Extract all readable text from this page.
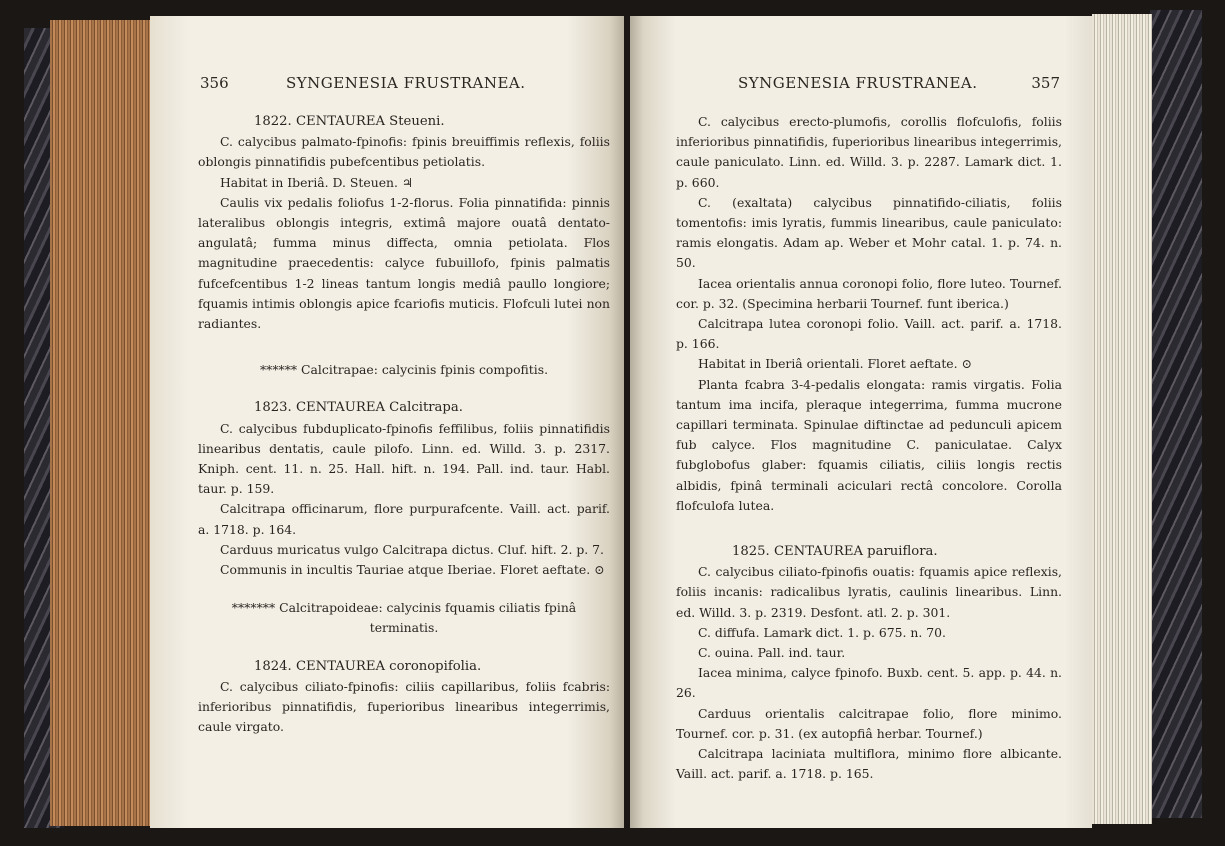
356	SYNGENESIA FRUSTRANEA.

1822. CENTAUREA Steueni.

C. calycibus palmato-fpinofis: fpinis breuiffimis reflexis, foliis oblongis pinnatifidis pubefcentibus petiolatis.

Habitat in Iberiâ. D. Steuen. ♃

Caulis vix pedalis foliofus 1-2-florus. Folia pinnatifida: pinnis lateralibus oblongis integris, extimâ majore ouatâ dentato-angulatâ; fumma minus diffecta, omnia petiolata. Flos magnitudine praecedentis: calyce fubuillofo, fpinis palmatis fufcefcentibus 1-2 lineas tantum longis mediâ paullo longiore; fquamis intimis oblongis apice fcariofis muticis. Flofculi lutei non radiantes.

****** Calcitrapae: calycinis fpinis compofitis.

1823. CENTAUREA Calcitrapa.

C. calycibus fubduplicato-fpinofis feffilibus, foliis pinnatifidis linearibus dentatis, caule pilofo. Linn. ed. Willd. 3. p. 2317. Kniph. cent. 11. n. 25. Hall. hift. n. 194. Pall. ind. taur. Habl. taur. p. 159.

Calcitrapa officinarum, flore purpurafcente. Vaill. act. parif. a. 1718. p. 164.

Carduus muricatus vulgo Calcitrapa dictus. Cluf. hift. 2. p. 7.

Communis in incultis Tauriae atque Iberiae. Floret aeftate. ⊙

******* Calcitrapoideae: calycinis fquamis ciliatis fpinâ terminatis.

1824. CENTAUREA coronopifolia.

C. calycibus ciliato-fpinofis: ciliis capillaribus, foliis fcabris: inferioribus pinnatifidis, fuperioribus linearibus integerrimis, caule virgato.

SYNGENESIA FRUSTRANEA.	357

C. calycibus erecto-plumofis, corollis flofculofis, foliis inferioribus pinnatifidis, fuperioribus linearibus integerrimis, caule paniculato. Linn. ed. Willd. 3. p. 2287. Lamark dict. 1. p. 660.

C. (exaltata) calycibus pinnatifido-ciliatis, foliis tomentofis: imis lyratis, fummis linearibus, caule paniculato: ramis elongatis. Adam ap. Weber et Mohr catal. 1. p. 74. n. 50.

Iacea orientalis annua coronopi folio, flore luteo. Tournef. cor. p. 32. (Specimina herbarii Tournef. funt iberica.)

Calcitrapa lutea coronopi folio. Vaill. act. parif. a. 1718. p. 166.

Habitat in Iberiâ orientali. Floret aeftate. ⊙

Planta fcabra 3-4-pedalis elongata: ramis virgatis. Folia tantum ima incifa, pleraque integerrima, fumma mucrone capillari terminata. Spinulae diftinctae ad pedunculi apicem fub calyce. Flos magnitudine C. paniculatae. Calyx fubglobofus glaber: fquamis ciliatis, ciliis longis rectis albidis, fpinâ terminali aciculari rectâ concolore. Corolla flofculofa lutea.

1825. CENTAUREA paruiflora.

C. calycibus ciliato-fpinofis ouatis: fquamis apice reflexis, foliis incanis: radicalibus lyratis, caulinis linearibus. Linn. ed. Willd. 3. p. 2319. Desfont. atl. 2. p. 301.

C. diffufa. Lamark dict. 1. p. 675. n. 70.

C. ouina. Pall. ind. taur.

Iacea minima, calyce fpinofo. Buxb. cent. 5. app. p. 44. n. 26.

Carduus orientalis calcitrapae folio, flore minimo. Tournef. cor. p. 31. (ex autopfiâ herbar. Tournef.)

Calcitrapa laciniata multiflora, minimo flore albicante. Vaill. act. parif. a. 1718. p. 165.
